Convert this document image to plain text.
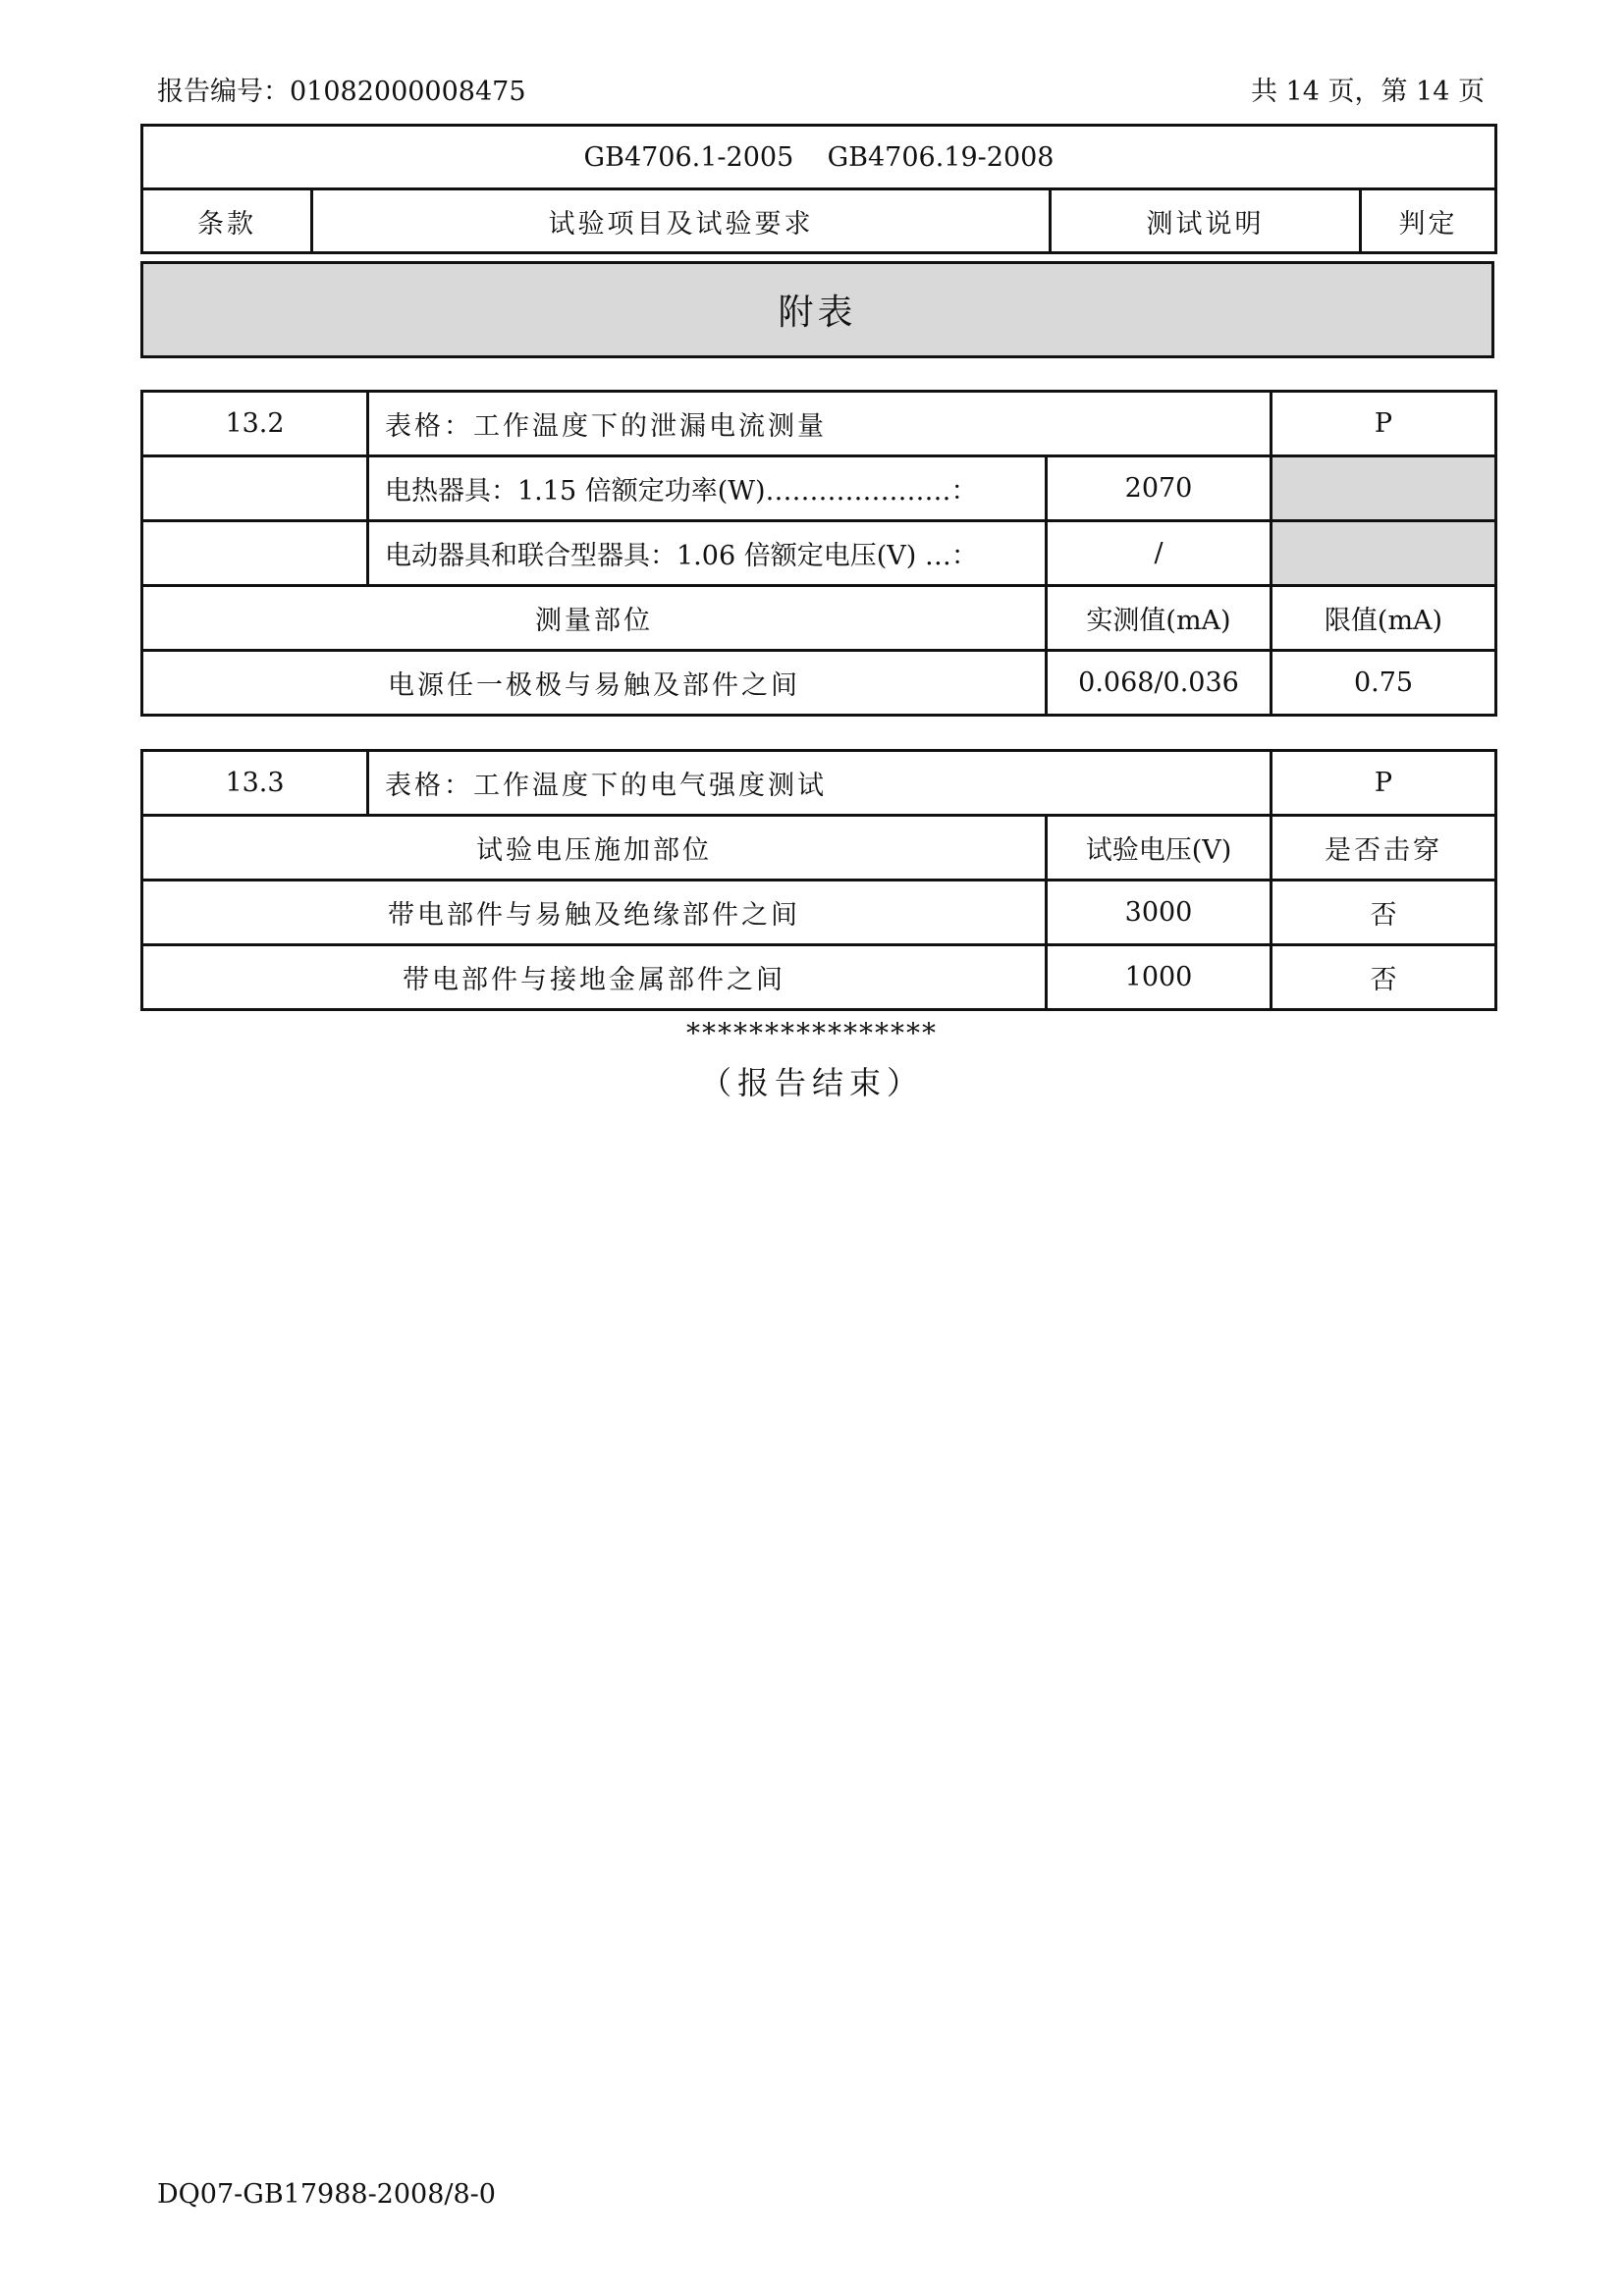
报告编号：01082000008475	共 14 页，第 14 页
GB4706.1-2005    GB4706.19-2008
条款	试验项目及试验要求	测试说明	判定
附表
13.2	表格：工作温度下的泄漏电流测量		P
	电热器具：1.15 倍额定功率(W)…………………：	2070	
	电动器具和联合型器具：1.06 倍额定电压(V) …：	/	
测量部位		实测值(mA)	限值(mA)
电源任一极极与易触及部件之间		0.068/0.036	0.75
13.3	表格：工作温度下的电气强度测试		P
试验电压施加部位		试验电压(V)	是否击穿
带电部件与易触及绝缘部件之间		3000	否
带电部件与接地金属部件之间		1000	否
****************
（报告结束）
DQ07-GB17988-2008/8-0
